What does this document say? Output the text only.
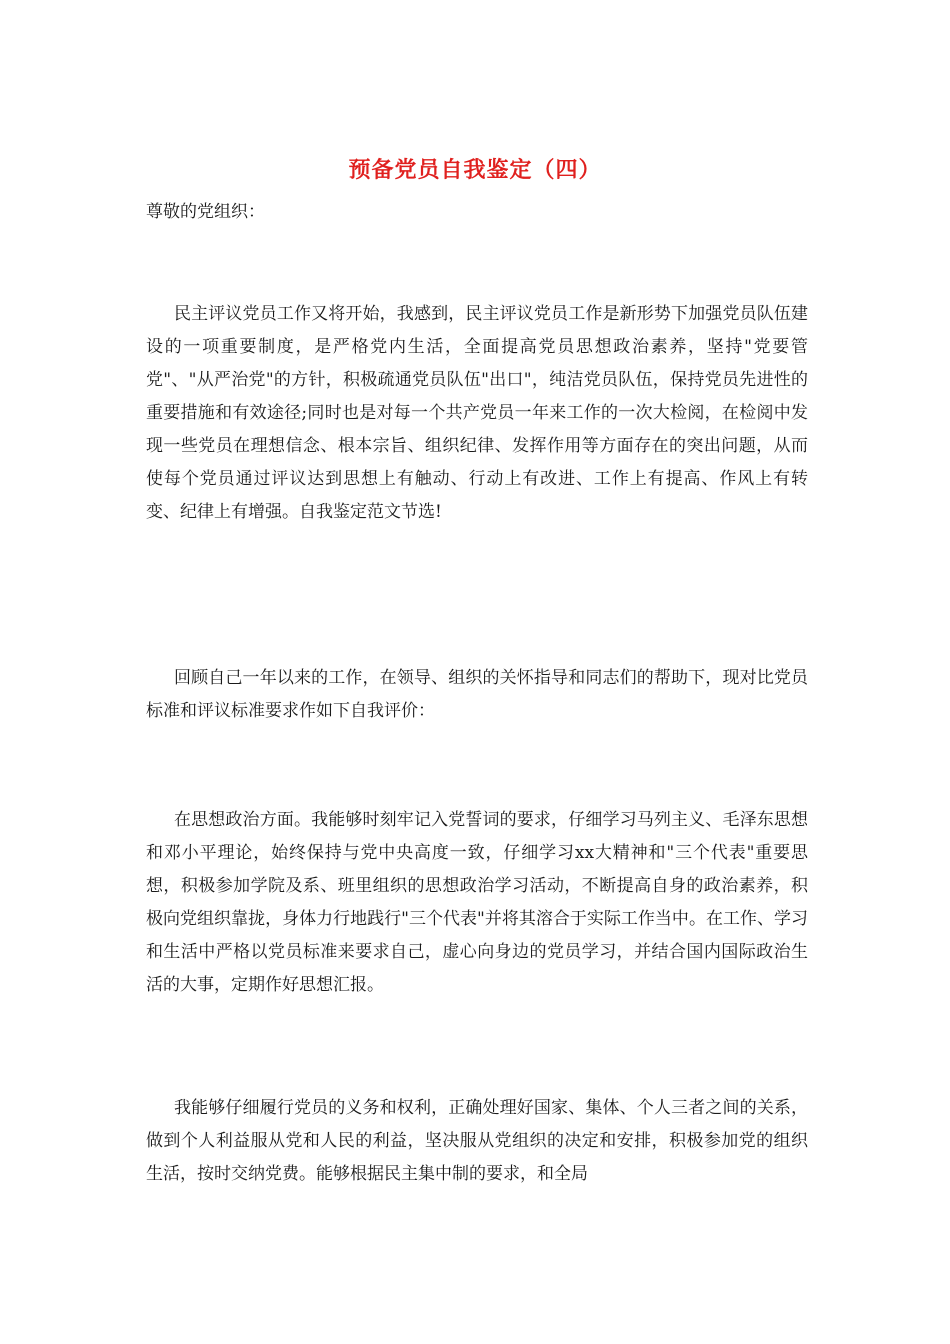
预备党员自我鉴定（四）
尊敬的党组织：

民主评议党员工作又将开始，我感到，民主评议党员工作是新形势下加强党员队伍建设的一项重要制度，是严格党内生活，全面提高党员思想政治素养，坚持"党要管党"、"从严治党"的方针，积极疏通党员队伍"出口"，纯洁党员队伍，保持党员先进性的重要措施和有效途径;同时也是对每一个共产党员一年来工作的一次大检阅，在检阅中发现一些党员在理想信念、根本宗旨、组织纪律、发挥作用等方面存在的突出问题，从而使每个党员通过评议达到思想上有触动、行动上有改进、工作上有提高、作风上有转变、纪律上有增强。自我鉴定范文节选!

回顾自己一年以来的工作，在领导、组织的关怀指导和同志们的帮助下，现对比党员标准和评议标准要求作如下自我评价：

在思想政治方面。我能够时刻牢记入党誓词的要求，仔细学习马列主义、毛泽东思想和邓小平理论，始终保持与党中央高度一致，仔细学习xx大精神和"三个代表"重要思想，积极参加学院及系、班里组织的思想政治学习活动，不断提高自身的政治素养，积极向党组织靠拢，身体力行地践行"三个代表"并将其溶合于实际工作当中。在工作、学习和生活中严格以党员标准来要求自己，虚心向身边的党员学习，并结合国内国际政治生活的大事，定期作好思想汇报。

我能够仔细履行党员的义务和权利，正确处理好国家、集体、个人三者之间的关系，做到个人利益服从党和人民的利益，坚决服从党组织的决定和安排，积极参加党的组织生活，按时交纳党费。能够根据民主集中制的要求，和全局
